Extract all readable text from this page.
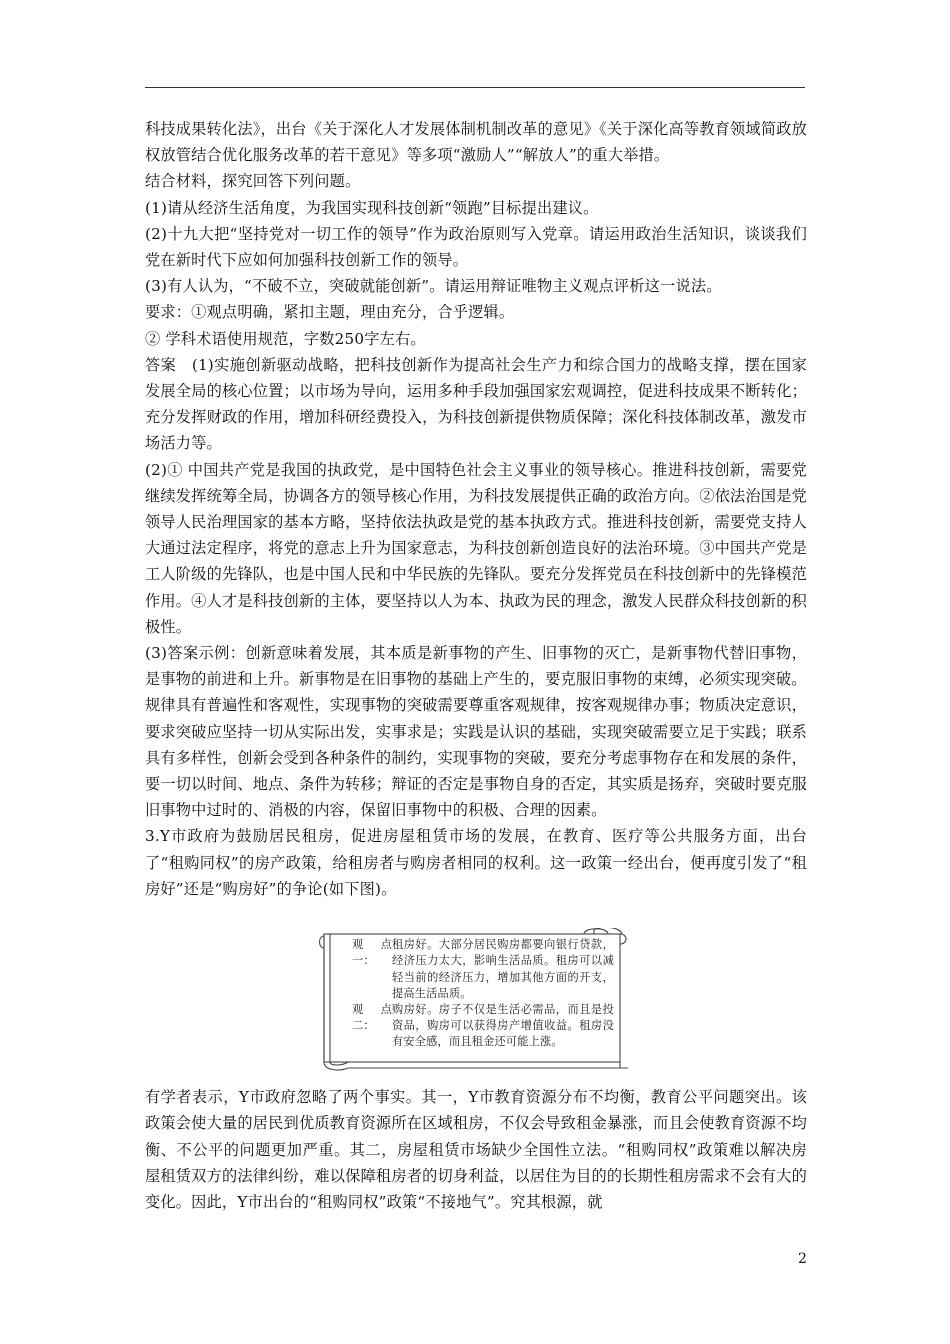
科技成果转化法》，出台《关于深化人才发展体制机制改革的意见》《关于深化高等教育领域简政放权放管结合优化服务改革的若干意见》等多项“激励人”“解放人”的重大举措。

结合材料，探究回答下列问题。

(1)请从经济生活角度，为我国实现科技创新“领跑”目标提出建议。

(2)十九大把“坚持党对一切工作的领导”作为政治原则写入党章。请运用政治生活知识，谈谈我们党在新时代下应如何加强科技创新工作的领导。

(3)有人认为，“不破不立，突破就能创新”。请运用辩证唯物主义观点评析这一说法。

要求：①观点明确，紧扣主题，理由充分，合乎逻辑。

② 学科术语使用规范，字数250字左右。

答案　(1)实施创新驱动战略，把科技创新作为提高社会生产力和综合国力的战略支撑，摆在国家发展全局的核心位置；以市场为导向，运用多种手段加强国家宏观调控，促进科技成果不断转化；充分发挥财政的作用，增加科研经费投入，为科技创新提供物质保障；深化科技体制改革，激发市场活力等。

(2)① 中国共产党是我国的执政党，是中国特色社会主义事业的领导核心。推进科技创新，需要党继续发挥统筹全局，协调各方的领导核心作用，为科技发展提供正确的政治方向。②依法治国是党领导人民治理国家的基本方略，坚持依法执政是党的基本执政方式。推进科技创新，需要党支持人大通过法定程序，将党的意志上升为国家意志，为科技创新创造良好的法治环境。③中国共产党是工人阶级的先锋队，也是中国人民和中华民族的先锋队。要充分发挥党员在科技创新中的先锋模范作用。④人才是科技创新的主体，要坚持以人为本、执政为民的理念，激发人民群众科技创新的积极性。

(3)答案示例：创新意味着发展，其本质是新事物的产生、旧事物的灭亡，是新事物代替旧事物，是事物的前进和上升。新事物是在旧事物的基础上产生的，要克服旧事物的束缚，必须实现突破。

规律具有普遍性和客观性，实现事物的突破需要尊重客观规律，按客观规律办事；物质决定意识，要求突破应坚持一切从实际出发，实事求是；实践是认识的基础，实现突破需要立足于实践；联系具有多样性，创新会受到各种条件的制约，实现事物的突破，要充分考虑事物存在和发展的条件，要一切以时间、地点、条件为转移；辩证的否定是事物自身的否定，其实质是扬弃，突破时要克服旧事物中过时的、消极的内容，保留旧事物中的积极、合理的因素。

3.Y市政府为鼓励居民租房，促进房屋租赁市场的发展，在教育、医疗等公共服务方面，出台了“租购同权”的房产政策，给租房者与购房者相同的权利。这一政策一经出台，便再度引发了“租房好”还是“购房好”的争论(如下图)。

观点一：
租房好。大部分居民购房都要向银行贷款，经济压力太大，影响生活品质。租房可以减轻当前的经济压力，增加其他方面的开支，提高生活品质。
观点二：
购房好。房子不仅是生活必需品，而且是投资品，购房可以获得房产增值收益。租房没有安全感，而且租金还可能上涨。

有学者表示，Y市政府忽略了两个事实。其一，Y市教育资源分布不均衡，教育公平问题突出。该政策会使大量的居民到优质教育资源所在区域租房，不仅会导致租金暴涨，而且会使教育资源不均衡、不公平的问题更加严重。其二，房屋租赁市场缺少全国性立法。“租购同权”政策难以解决房屋租赁双方的法律纠纷，难以保障租房者的切身利益，以居住为目的的长期性租房需求不会有大的变化。因此，Y市出台的“租购同权”政策“不接地气”。究其根源，就

2
